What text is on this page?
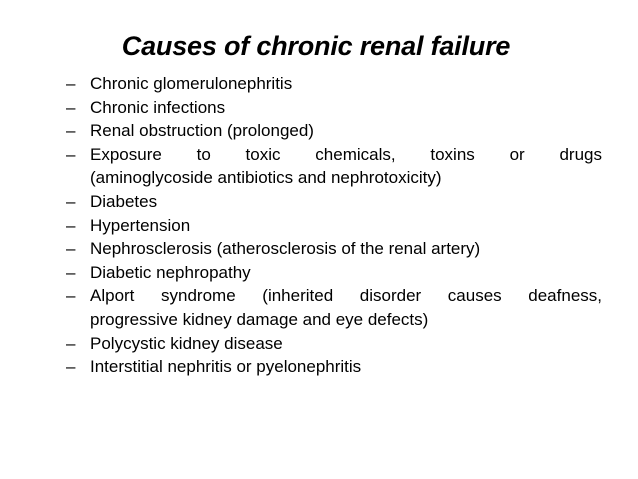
Causes of chronic renal failure
– Chronic glomerulonephritis
– Chronic infections
– Renal obstruction (prolonged)
– Exposure to toxic chemicals, toxins or drugs
(aminoglycoside antibiotics and nephrotoxicity)
– Diabetes
– Hypertension
– Nephrosclerosis (atherosclerosis of the renal artery)
– Diabetic nephropathy
– Alport syndrome (inherited disorder causes deafness,
progressive kidney damage and eye defects)
– Polycystic kidney disease
– Interstitial nephritis or pyelonephritis
